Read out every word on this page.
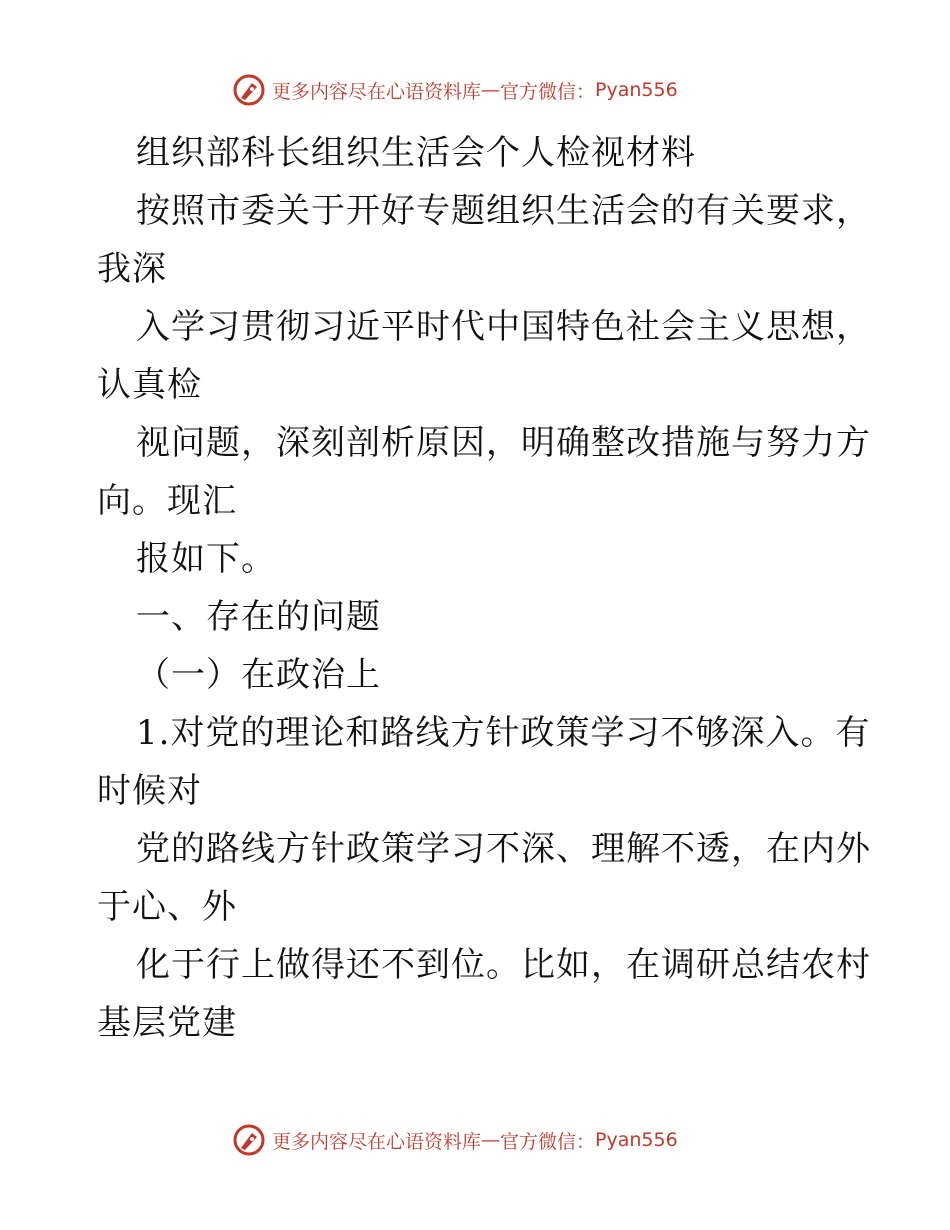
更多内容尽在心语资料库 — 官方微信： Pyan556
组织部科长组织生活会个人检视材料
按照市委关于开好专题组织生活会的有关要求，
我深
入学习贯彻习近平时代中国特色社会主义思想，
认真检
视问题，深刻剖析原因，明确整改措施与努力方
向。现汇
报如下。
一、存在的问题
（一）在政治上
1.对党的理论和路线方针政策学习不够深入。有
时候对
党的路线方针政策学习不深、理解不透，在内外
于心、外
化于行上做得还不到位。比如，在调研总结农村
基层党建
更多内容尽在心语资料库 — 官方微信： Pyan556
